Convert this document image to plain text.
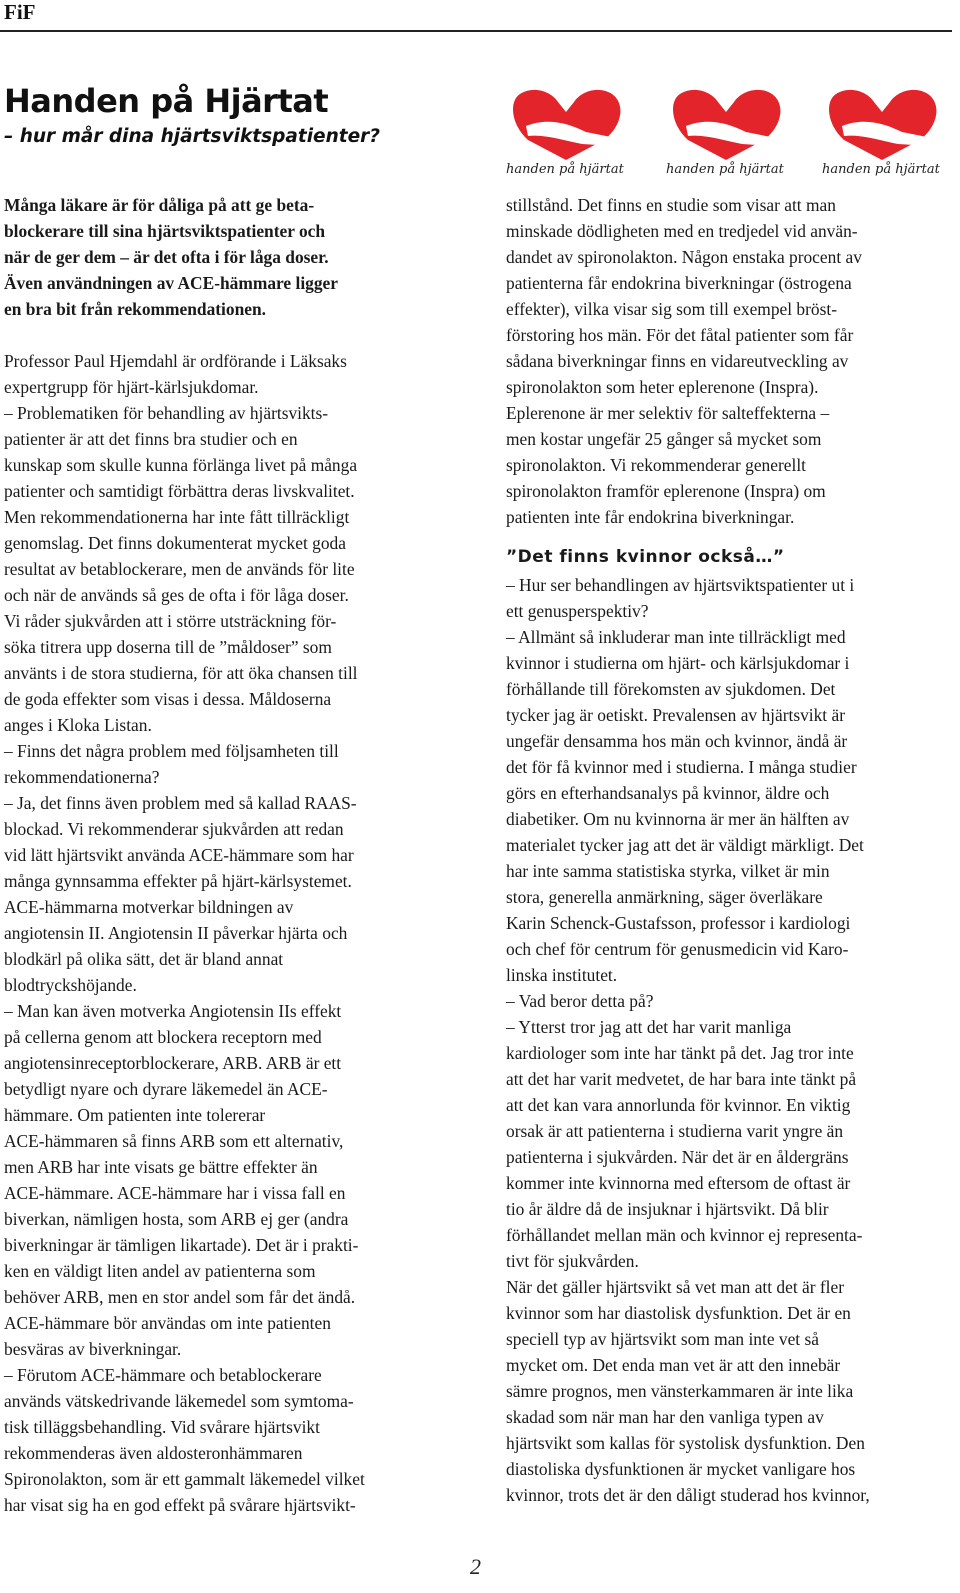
FiF
Handen på Hjärtat
– hur mår dina hjärtsviktspatienter?
handen på hjärtat	handen på hjärtat	handen på hjärtat

Många läkare är för dåliga på att ge beta-

blockerare till sina hjärtsviktspatienter och

när de ger dem – är det ofta i för låga doser.

Även användningen av ACE-hämmare ligger

en bra bit från rekommendationen.

Professor Paul Hjemdahl är ordförande i Läksaks

expertgrupp för hjärt-kärlsjukdomar.

– Problematiken för behandling av hjärtsvikts-

patienter är att det finns bra studier och en

kunskap som skulle kunna förlänga livet på många

patienter och samtidigt förbättra deras livskvalitet.

Men rekommendationerna har inte fått tillräckligt

genomslag. Det finns dokumenterat mycket goda

resultat av betablockerare, men de används för lite

och när de används så ges de ofta i för låga doser.

Vi råder sjukvården att i större utsträckning för-

söka titrera upp doserna till de ”måldoser” som

använts i de stora studierna, för att öka chansen till

de goda effekter som visas i dessa. Måldoserna

anges i Kloka Listan.

– Finns det några problem med följsamheten till

rekommendationerna?

– Ja, det finns även problem med så kallad RAAS-

blockad. Vi rekommenderar sjukvården att redan

vid lätt hjärtsvikt använda ACE-hämmare som har

många gynnsamma effekter på hjärt-kärlsystemet.

ACE-hämmarna motverkar bildningen av

angiotensin II. Angiotensin II påverkar hjärta och

blodkärl på olika sätt, det är bland annat

blodtryckshöjande.

– Man kan även motverka Angiotensin IIs effekt

på cellerna genom att blockera receptorn med

angiotensinreceptorblockerare, ARB. ARB är ett

betydligt nyare och dyrare läkemedel än ACE-

hämmare. Om patienten inte tolererar

ACE-hämmaren så finns ARB som ett alternativ,

men ARB har inte visats ge bättre effekter än

ACE-hämmare. ACE-hämmare har i vissa fall en

biverkan, nämligen hosta, som ARB ej ger (andra

biverkningar är tämligen likartade). Det är i prakti-

ken en väldigt liten andel av patienterna som

behöver ARB, men en stor andel som får det ändå.

ACE-hämmare bör användas om inte patienten

besväras av biverkningar.

– Förutom ACE-hämmare och betablockerare

används vätskedrivande läkemedel som symtoma-

tisk tilläggsbehandling. Vid svårare hjärtsvikt

rekommenderas även aldosteronhämmaren

Spironolakton, som är ett gammalt läkemedel vilket

har visat sig ha en god effekt på svårare hjärtsvikt-

stillstånd. Det finns en studie som visar att man

minskade dödligheten med en tredjedel vid använ-

dandet av spironolakton. Någon enstaka procent av

patienterna får endokrina biverkningar (östrogena

effekter), vilka visar sig som till exempel bröst-

förstoring hos män. För det fåtal patienter som får

sådana biverkningar finns en vidareutveckling av

spironolakton som heter eplerenone (Inspra).

Eplerenone är mer selektiv för salteffekterna –

men kostar ungefär 25 gånger så mycket som

spironolakton. Vi rekommenderar generellt

spironolakton framför eplerenone (Inspra) om

patienten inte får endokrina biverkningar.

”Det finns kvinnor också…”

– Hur ser behandlingen av hjärtsviktspatienter ut i

ett genusperspektiv?

– Allmänt så inkluderar man inte tillräckligt med

kvinnor i studierna om hjärt- och kärlsjukdomar i

förhållande till förekomsten av sjukdomen. Det

tycker jag är oetiskt. Prevalensen av hjärtsvikt är

ungefär densamma hos män och kvinnor, ändå är

det för få kvinnor med i studierna. I många studier

görs en efterhandsanalys på kvinnor, äldre och

diabetiker. Om nu kvinnorna är mer än hälften av

materialet tycker jag att det är väldigt märkligt. Det

har inte samma statistiska styrka, vilket är min

stora, generella anmärkning, säger överläkare

Karin Schenck-Gustafsson, professor i kardiologi

och chef för centrum för genusmedicin vid Karo-

linska institutet.

– Vad beror detta på?

– Ytterst tror jag att det har varit manliga

kardiologer som inte har tänkt på det. Jag tror inte

att det har varit medvetet, de har bara inte tänkt på

att det kan vara annorlunda för kvinnor. En viktig

orsak är att patienterna i studierna varit yngre än

patienterna i sjukvården. När det är en åldergräns

kommer inte kvinnorna med eftersom de oftast är

tio år äldre då de insjuknar i hjärtsvikt. Då blir

förhållandet mellan män och kvinnor ej representa-

tivt för sjukvården.

När det gäller hjärtsvikt så vet man att det är fler

kvinnor som har diastolisk dysfunktion. Det är en

speciell typ av hjärtsvikt som man inte vet så

mycket om. Det enda man vet är att den innebär

sämre prognos, men vänsterkammaren är inte lika

skadad som när man har den vanliga typen av

hjärtsvikt som kallas för systolisk dysfunktion. Den

diastoliska dysfunktionen är mycket vanligare hos

kvinnor, trots det är den dåligt studerad hos kvinnor,

2
